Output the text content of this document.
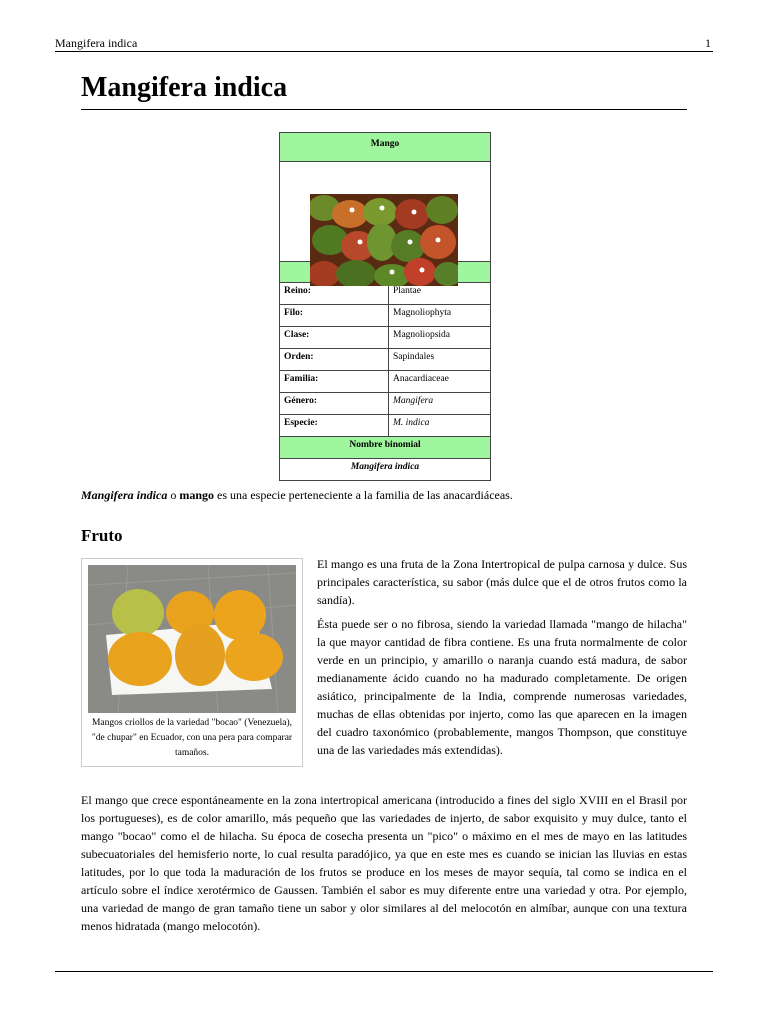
Mangifera indica	1
Mangifera indica
Mango
Reino:	Plantae
Filo:	Magnoliophyta
Clase:	Magnoliopsida
Orden:	Sapindales
Familia:	Anacardiaceae
Género:	Mangifera
Especie:	M. indica
Nombre binomial
Mangifera indica

Mangifera indica o mango es una especie perteneciente a la familia de las anacardiáceas.

Fruto
Mangos criollos de la variedad "bocao" (Venezuela), "de chupar" en Ecuador, con una pera para comparar tamaños.

El mango es una fruta de la Zona Intertropical de pulpa carnosa y dulce. Sus principales característica, su sabor (más dulce que el de otros frutos como la sandía).

Ésta puede ser o no fibrosa, siendo la variedad llamada "mango de hilacha" la que mayor cantidad de fibra contiene. Es una fruta normalmente de color verde en un principio, y amarillo o naranja cuando está madura, de sabor medianamente ácido cuando no ha madurado completamente. De origen asiático, principalmente de la India, comprende numerosas variedades, muchas de ellas obtenidas por injerto, como las que aparecen en la imagen del cuadro taxonómico (probablemente, mangos Thompson, que constituye una de las variedades más extendidas).

El mango que crece espontáneamente en la zona intertropical americana (introducido a fines del siglo XVIII en el Brasil por los portugueses), es de color amarillo, más pequeño que las variedades de injerto, de sabor exquisito y muy dulce, tanto el mango "bocao" como el de hilacha. Su época de cosecha presenta un "pico" o máximo en el mes de mayo en las latitudes subecuatoriales del hemisferio norte, lo cual resulta paradójico, ya que en este mes es cuando se inician las lluvias en estas latitudes, por lo que toda la maduración de los frutos se produce en los meses de mayor sequía, tal como se indica en el artículo sobre el índice xerotérmico de Gaussen. También el sabor es muy diferente entre una variedad y otra. Por ejemplo, una variedad de mango de gran tamaño tiene un sabor y olor similares al del melocotón en almíbar, aunque con una textura menos hidratada (mango melocotón).
